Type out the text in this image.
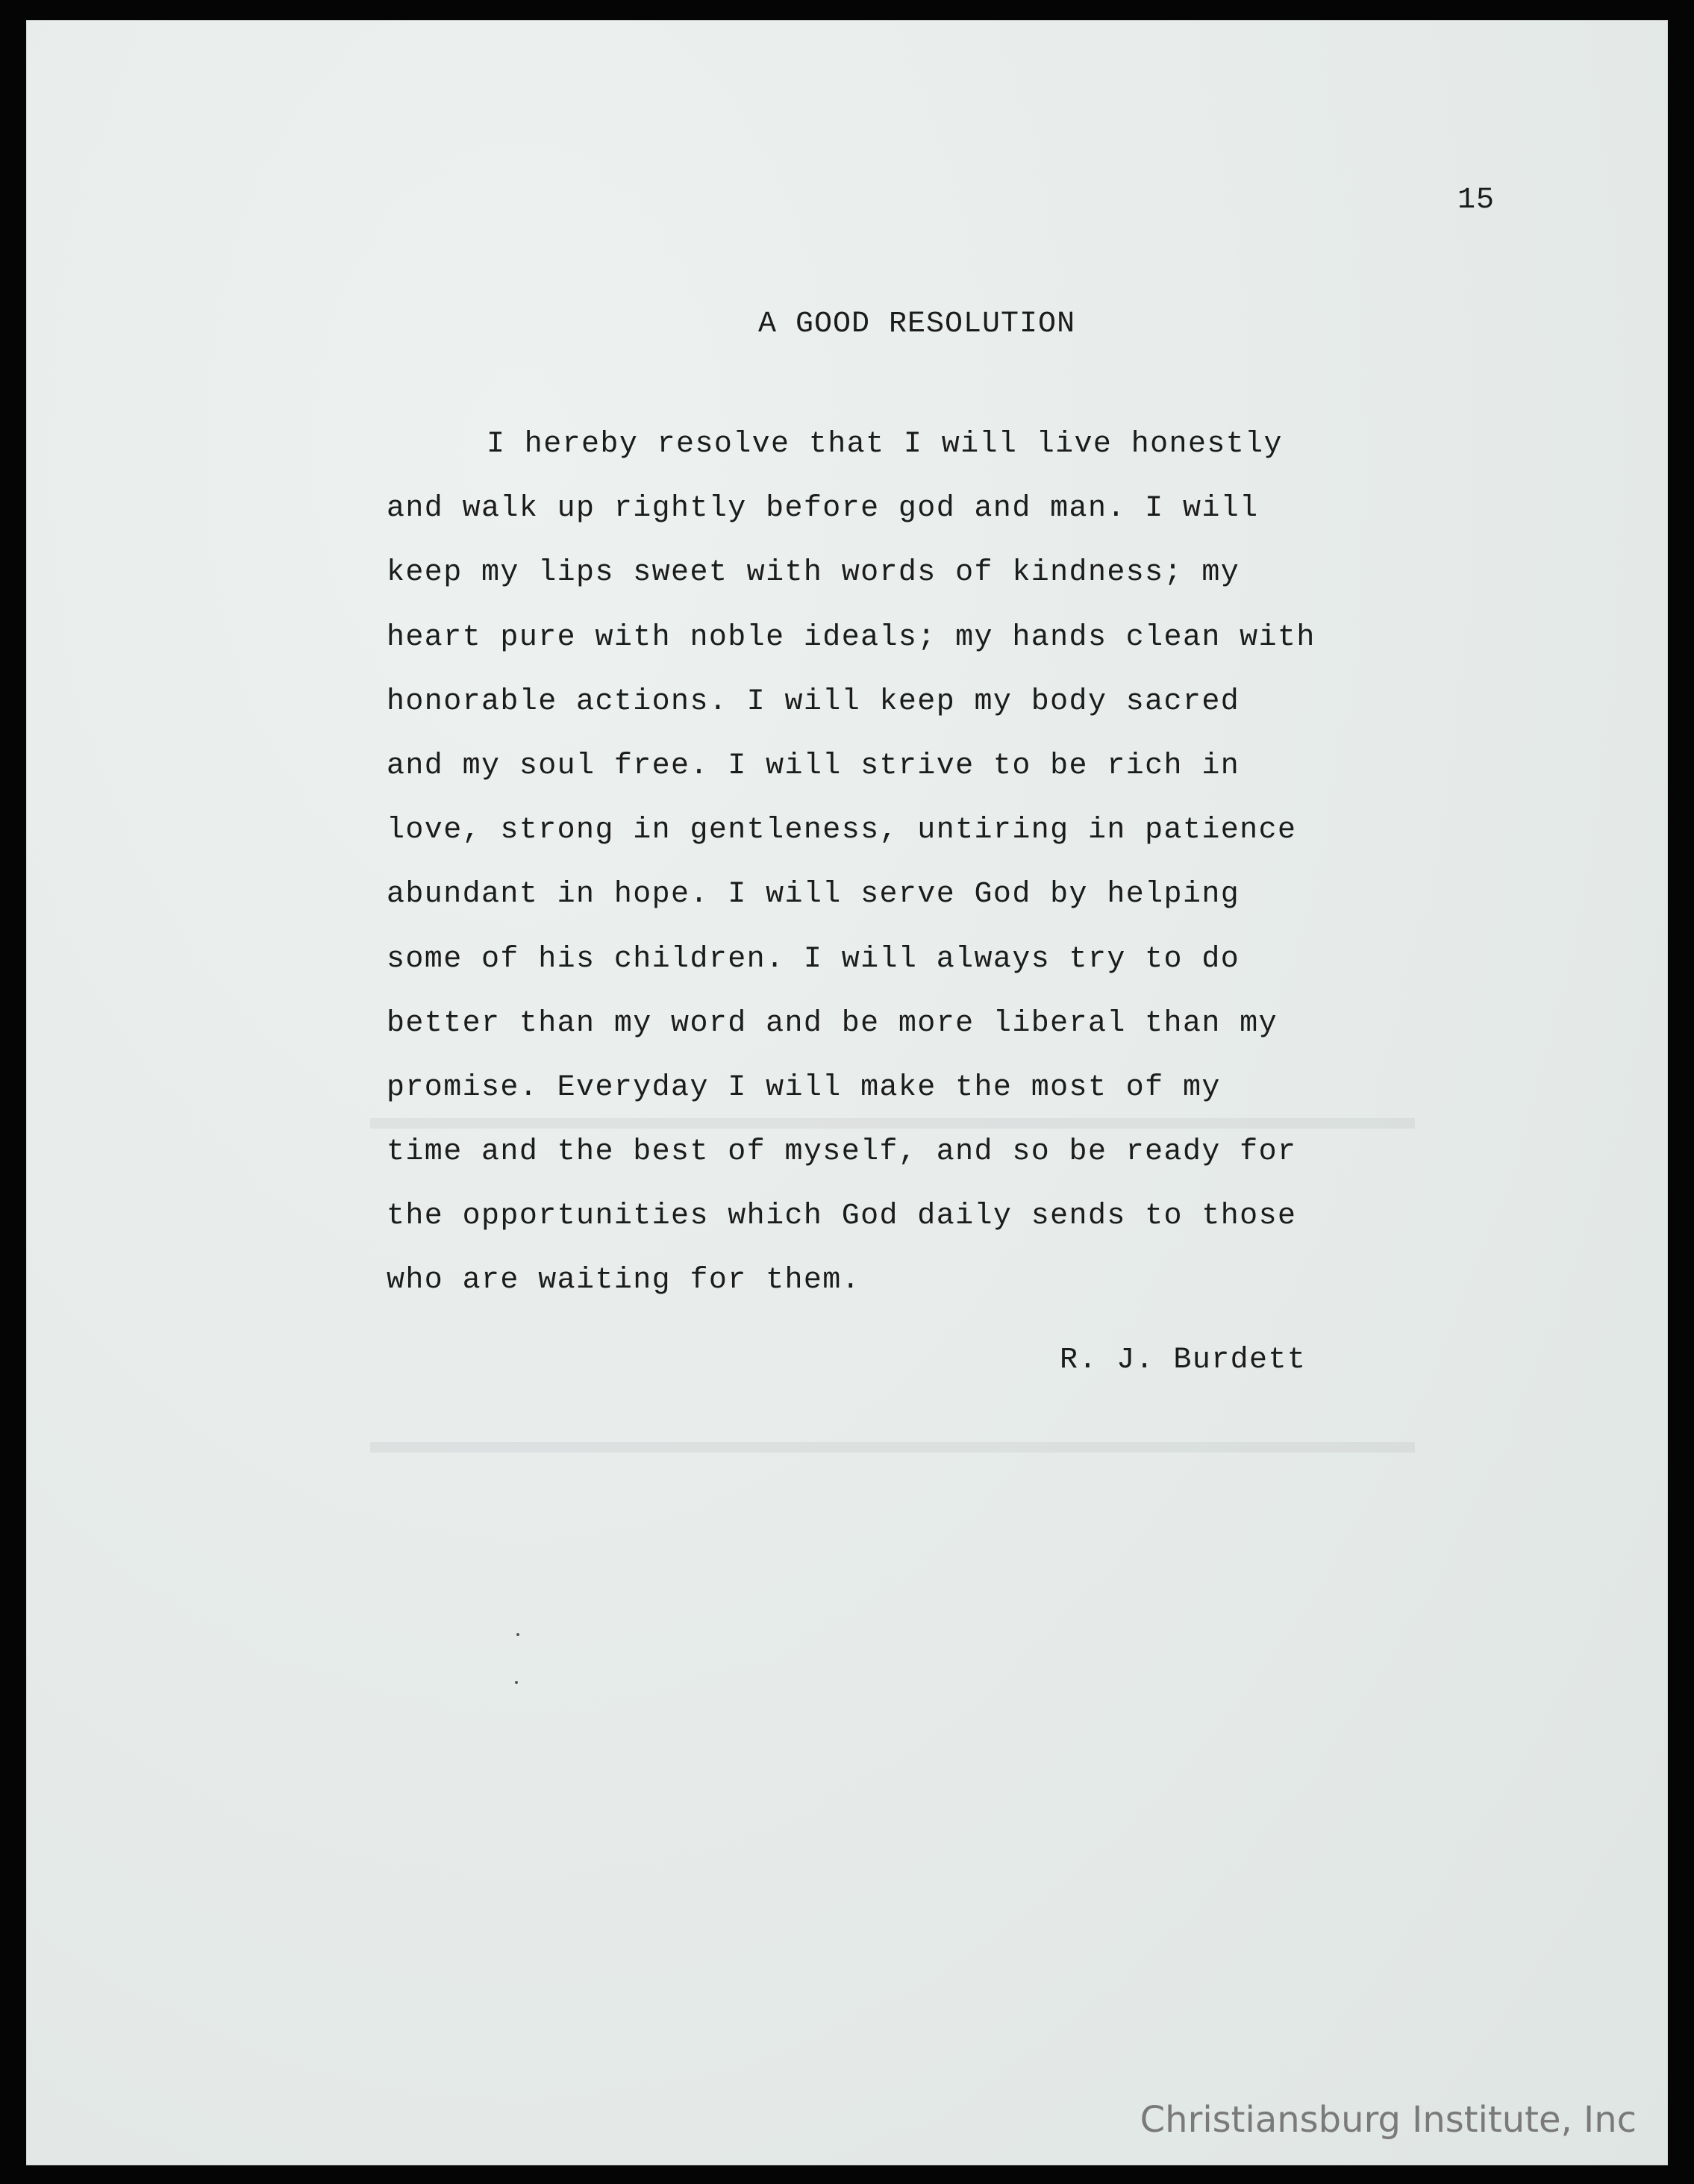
15
A GOOD RESOLUTION
I hereby resolve that I will live honestly
and walk up rightly before god and man. I will
keep my lips sweet with words of kindness; my
heart pure with noble ideals; my hands clean with
honorable actions. I will keep my body sacred
and my soul free. I will strive to be rich in
love, strong in gentleness, untiring in patience
abundant in hope. I will serve God by helping
some of his children. I will always try to do
better than my word and be more liberal than my
promise. Everyday I will make the most of my
time and the best of myself, and so be ready for
the opportunities which God daily sends to those
who are waiting for them.
R. J. Burdett
Christiansburg Institute, Inc
